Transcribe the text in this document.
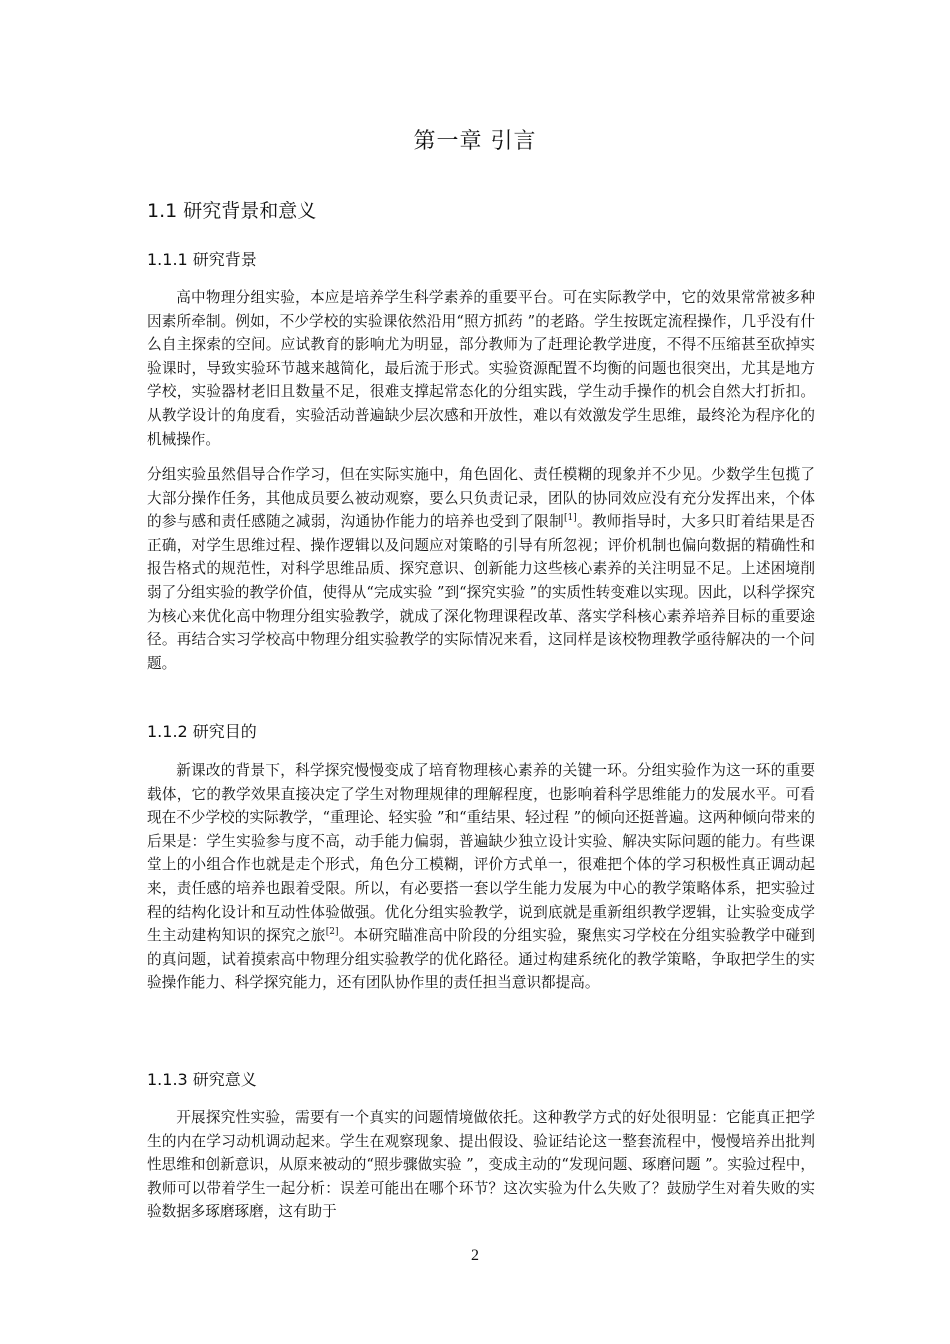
第一章 引言
1.1 研究背景和意义
1.1.1 研究背景

高中物理分组实验，本应是培养学生科学素养的重要平台。可在实际教学中，它的效果常常被多种因素所牵制。例如，不少学校的实验课依然沿用“照方抓药 ”的老路。学生按既定流程操作，几乎没有什么自主探索的空间。应试教育的影响尤为明显，部分教师为了赶理论教学进度，不得不压缩甚至砍掉实验课时，导致实验环节越来越简化，最后流于形式。实验资源配置不均衡的问题也很突出，尤其是地方学校，实验器材老旧且数量不足，很难支撑起常态化的分组实践，学生动手操作的机会自然大打折扣。从教学设计的角度看，实验活动普遍缺少层次感和开放性，难以有效激发学生思维，最终沦为程序化的机械操作。

分组实验虽然倡导合作学习，但在实际实施中，角色固化、责任模糊的现象并不少见。少数学生包揽了大部分操作任务，其他成员要么被动观察，要么只负责记录，团队的协同效应没有充分发挥出来，个体的参与感和责任感随之减弱，沟通协作能力的培养也受到了限制[1]。教师指导时，大多只盯着结果是否正确，对学生思维过程、操作逻辑以及问题应对策略的引导有所忽视；评价机制也偏向数据的精确性和报告格式的规范性，对科学思维品质、探究意识、创新能力这些核心素养的关注明显不足。上述困境削弱了分组实验的教学价值，使得从“完成实验 ”到“探究实验 ”的实质性转变难以实现。因此，以科学探究为核心来优化高中物理分组实验教学，就成了深化物理课程改革、落实学科核心素养培养目标的重要途径。再结合实习学校高中物理分组实验教学的实际情况来看，这同样是该校物理教学亟待解决的一个问题。

1.1.2 研究目的

新课改的背景下，科学探究慢慢变成了培育物理核心素养的关键一环。分组实验作为这一环的重要载体，它的教学效果直接决定了学生对物理规律的理解程度，也影响着科学思维能力的发展水平。可看现在不少学校的实际教学，“重理论、轻实验 ”和“重结果、轻过程 ”的倾向还挺普遍。这两种倾向带来的后果是：学生实验参与度不高，动手能力偏弱，普遍缺少独立设计实验、解决实际问题的能力。有些课堂上的小组合作也就是走个形式，角色分工模糊，评价方式单一，很难把个体的学习积极性真正调动起来，责任感的培养也跟着受限。所以，有必要搭一套以学生能力发展为中心的教学策略体系，把实验过程的结构化设计和互动性体验做强。优化分组实验教学，说到底就是重新组织教学逻辑，让实验变成学生主动建构知识的探究之旅[2]。本研究瞄准高中阶段的分组实验，聚焦实习学校在分组实验教学中碰到的真问题，试着摸索高中物理分组实验教学的优化路径。通过构建系统化的教学策略，争取把学生的实验操作能力、科学探究能力，还有团队协作里的责任担当意识都提高。

1.1.3 研究意义

开展探究性实验，需要有一个真实的问题情境做依托。这种教学方式的好处很明显：它能真正把学生的内在学习动机调动起来。学生在观察现象、提出假设、验证结论这一整套流程中，慢慢培养出批判性思维和创新意识，从原来被动的“照步骤做实验 ”，变成主动的“发现问题、琢磨问题 ”。实验过程中，教师可以带着学生一起分析：误差可能出在哪个环节？这次实验为什么失败了？鼓励学生对着失败的实验数据多琢磨琢磨，这有助于

2
